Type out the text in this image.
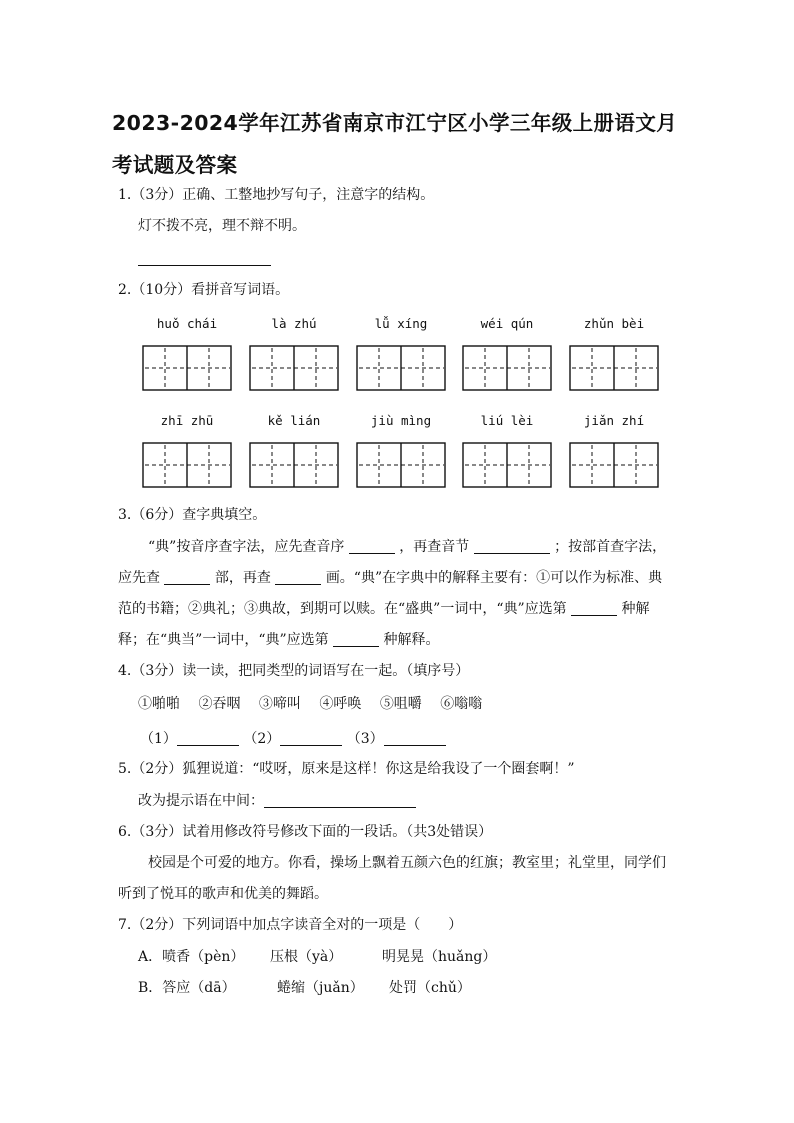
2023-2024学年江苏省南京市江宁区小学三年级上册语文月
考试题及答案
1.（3分）正确、工整地抄写句子，注意字的结构。
灯不拨不亮，理不辩不明。
2.（10分）看拼音写词语。
huǒ chái	là zhú	lǚ xíng	wéi qún	zhǔn bèi
zhī zhū	kě lián	jiù mìng	liú lèi	jiǎn zhí
3.（6分）查字典填空。
“典”按音序查字法，应先查音序	，再查音节	；按部首查字法，
应先查	部，再查	画。“典”在字典中的解释主要有：①可以作为标准、典
范的书籍；②典礼；③典故，到期可以赎。在“盛典”一词中，“典”应选第	种解
释；在“典当”一词中，“典”应选第	种解释。
4.（3分）读一读，把同类型的词语写在一起。（填序号）
①啪啪 ②吞咽 ③啼叫 ④呼唤 ⑤咀嚼 ⑥嗡嗡
（1）	（2）	（3）
5.（2分）狐狸说道：“哎呀，原来是这样！你这是给我设了一个圈套啊！”
改为提示语在中间：
6.（3分）试着用修改符号修改下面的一段话。（共3处错误）
校园是个可爱的地方。你看，操场上飘着五颜六色的红旗；教室里；礼堂里，同学们
听到了悦耳的歌声和优美的舞蹈。
7.（2分）下列词语中加点字读音全对的一项是（　　）
A．喷香（pèn） 压根（yà）	明晃晃（huǎng）
B．答应（dā）	蜷缩（juǎn） 处罚（chǔ）
